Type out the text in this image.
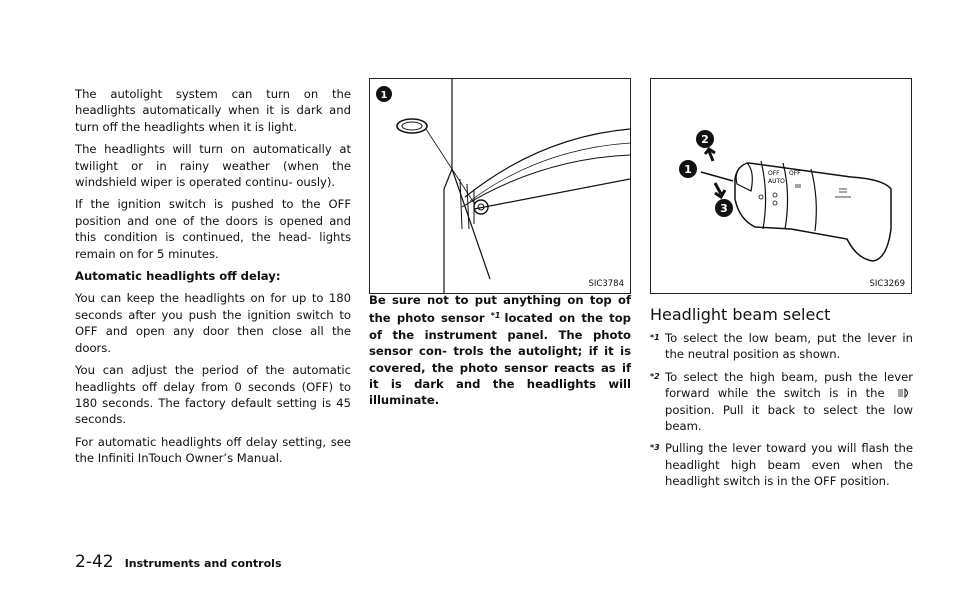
The autolight system can turn on the headlights automatically when it is dark and turn off the headlights when it is light.

The headlights will turn on automatically at twilight or in rainy weather (when the windshield wiper is operated continu- ously).

If the ignition switch is pushed to the OFF position and one of the doors is opened and this condition is continued, the head- lights remain on for 5 minutes.

Automatic headlights off delay:

You can keep the headlights on for up to 180 seconds after you push the ignition switch to OFF and open any door then close all the doors.

You can adjust the period of the automatic headlights off delay from 0 seconds (OFF) to 180 seconds. The factory default setting is 45 seconds.

For automatic headlights off delay setting, see the Infiniti InTouch Owner’s Manual.

1
SIC3784
2
1
3
OFF
AUTO
OFF
SIC3269

Be sure not to put anything on top of the photo sensor $^{*1}$ located on the top of the instrument panel. The photo sensor con- trols the autolight; if it is covered, the photo sensor reacts as if it is dark and the headlights will illuminate.

Headlight beam select
*1 To select the low beam, put the lever in the neutral position as shown.
*2 To select the high beam, push the lever forward while the switch is in the  position. Pull it back to select the low beam.
*3 Pulling the lever toward you will flash the headlight high beam even when the headlight switch is in the OFF position.
2-42 Instruments and controls
